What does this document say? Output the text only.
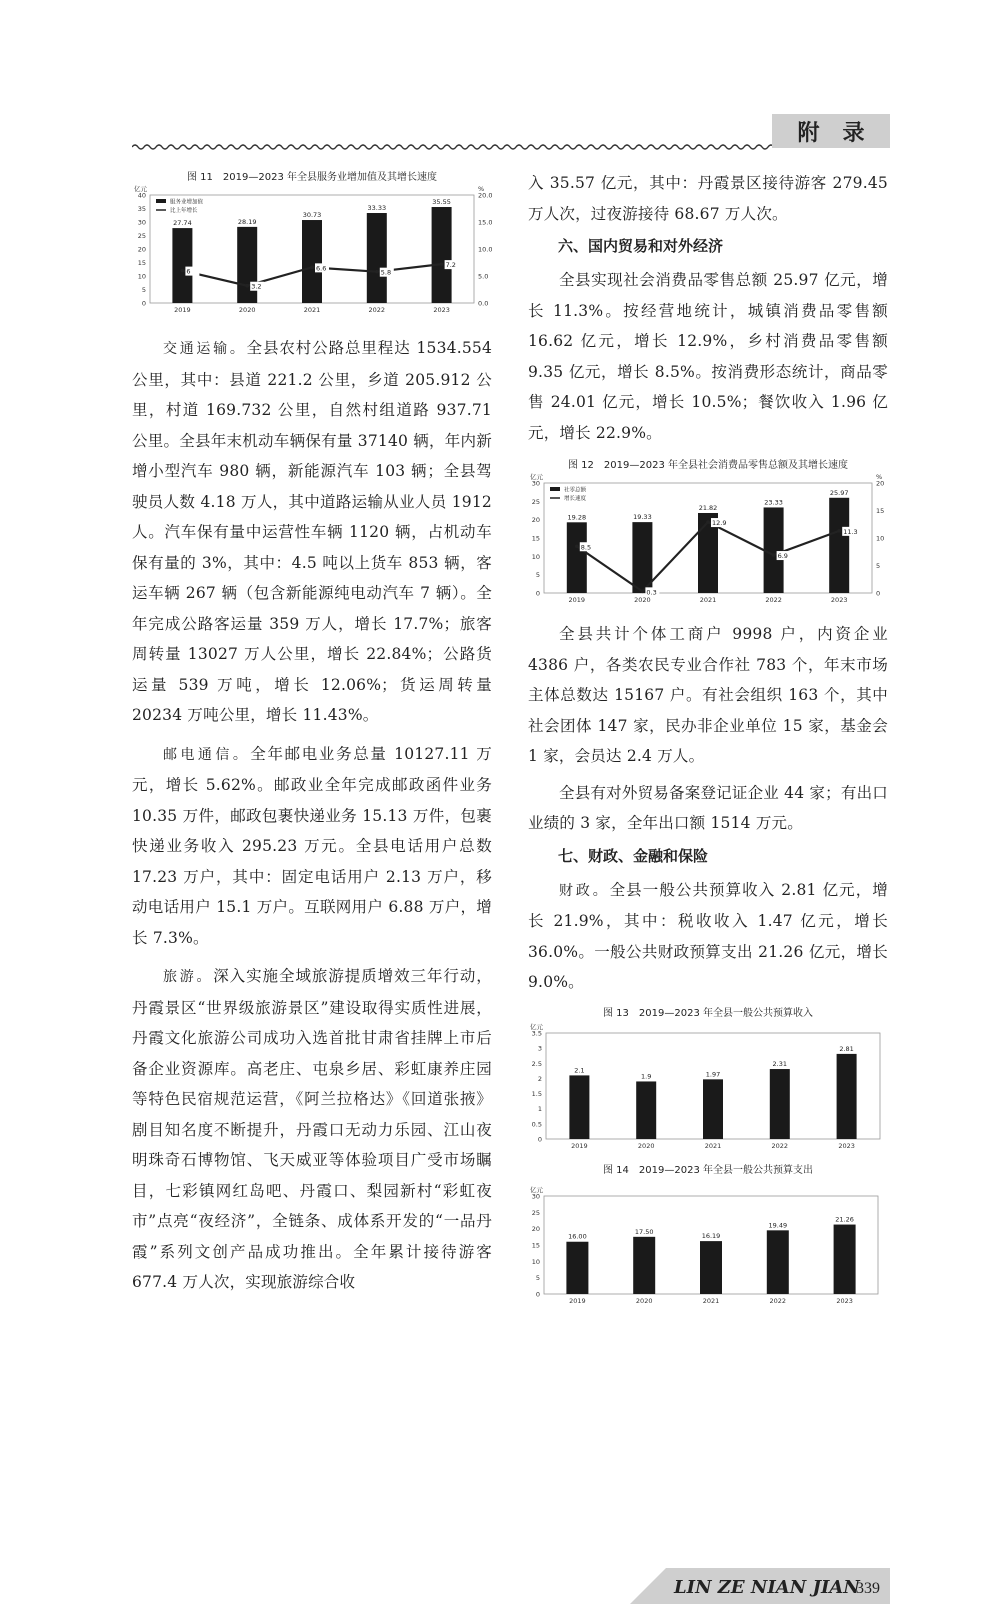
附 录
图 11　2019—2023 年全县服务业增加值及其增长速度
亿元
0
5
10
15
20
25
30
35
40
%
0.0
5.0
10.0
15.0
20.0
2019
27.74
2020
28.19
2021
30.73
2022
33.33
2023
35.55
6
3.2
6.6
5.8
7.2
服务业增加值
比上年增长

交通运输。全县农村公路总里程达 1534.554 公里，其中：县道 221.2 公里，乡道 205.912 公里，村道 169.732 公里，自然村组道路 937.71 公里。全县年末机动车辆保有量 37140 辆，年内新增小型汽车 980 辆，新能源汽车 103 辆；全县驾驶员人数 4.18 万人，其中道路运输从业人员 1912 人。汽车保有量中运营性车辆 1120 辆，占机动车保有量的 3%，其中：4.5 吨以上货车 853 辆，客运车辆 267 辆（包含新能源纯电动汽车 7 辆）。全年完成公路客运量 359 万人，增长 17.7%；旅客周转量 13027 万人公里，增长 22.84%；公路货运量 539 万吨，增长 12.06%；货运周转量 20234 万吨公里，增长 11.43%。

邮电通信。全年邮电业务总量 10127.11 万元，增长 5.62%。邮政业全年完成邮政函件业务 10.35 万件，邮政包裹快递业务 15.13 万件，包裹快递业务收入 295.23 万元。全县电话用户总数 17.23 万户，其中：固定电话用户 2.13 万户，移动电话用户 15.1 万户。互联网用户 6.88 万户，增长 7.3%。

旅游。深入实施全域旅游提质增效三年行动，丹霞景区“世界级旅游景区”建设取得实质性进展，丹霞文化旅游公司成功入选首批甘肃省挂牌上市后备企业资源库。高老庄、屯泉乡居、彩虹康养庄园等特色民宿规范运营，《阿兰拉格达》《回道张掖》剧目知名度不断提升，丹霞口无动力乐园、江山夜明珠奇石博物馆、飞天威亚等体验项目广受市场瞩目，七彩镇网红岛吧、丹霞口、梨园新村“彩虹夜市”点亮“夜经济”，全链条、成体系开发的“一品丹霞”系列文创产品成功推出。全年累计接待游客 677.4 万人次，实现旅游综合收

入 35.57 亿元，其中：丹霞景区接待游客 279.45 万人次，过夜游接待 68.67 万人次。

六、国内贸易和对外经济

全县实现社会消费品零售总额 25.97 亿元，增长 11.3%。按经营地统计，城镇消费品零售额 16.62 亿元，增长 12.9%，乡村消费品零售额 9.35 亿元，增长 8.5%。按消费形态统计，商品零售 24.01 亿元，增长 10.5%；餐饮收入 1.96 亿元，增长 22.9%。

图 12　2019—2023 年全县社会消费品零售总额及其增长速度
亿元
0
5
10
15
20
25
30
%
0
5
10
15
20
2019
19.28
2020
19.33
2021
21.82
2022
23.33
2023
25.97
8.5
0.3
12.9
6.9
11.3
社零总额
增长速度

全县共计个体工商户 9998 户，内资企业 4386 户，各类农民专业合作社 783 个，年末市场主体总数达 15167 户。有社会组织 163 个，其中社会团体 147 家，民办非企业单位 15 家，基金会 1 家，会员达 2.4 万人。

全县有对外贸易备案登记证企业 44 家；有出口业绩的 3 家，全年出口额 1514 万元。

七、财政、金融和保险

财政。全县一般公共预算收入 2.81 亿元，增长 21.9%，其中：税收收入 1.47 亿元，增长 36.0%。一般公共财政预算支出 21.26 亿元，增长 9.0%。

图 13　2019—2023 年全县一般公共预算收入
亿元
0
0.5
1
1.5
2
2.5
3
3.5
2019
2.1
2020
1.9
2021
1.97
2022
2.31
2023
2.81
图 14　2019—2023 年全县一般公共预算支出
亿元
0
5
10
15
20
25
30
2019
16.00
2020
17.50
2021
16.19
2022
19.49
2023
21.26
LIN ZE NIAN JIAN
339
